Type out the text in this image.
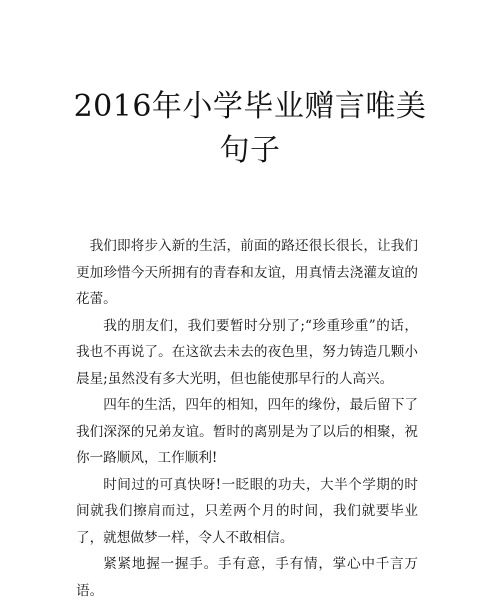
2016年小学毕业赠言唯美句子

我们即将步入新的生活，前面的路还很长很长，让我们更加珍惜今天所拥有的青春和友谊，用真情去浇灌友谊的花蕾。

我的朋友们，我们要暂时分别了;“珍重珍重”的话，我也不再说了。在这欲去未去的夜色里，努力铸造几颗小晨星;虽然没有多大光明，但也能使那早行的人高兴。

四年的生活，四年的相知，四年的缘份，最后留下了我们深深的兄弟友谊。暂时的离别是为了以后的相聚，祝你一路顺风，工作顺利!

时间过的可真快呀!一眨眼的功夫，大半个学期的时间就我们擦肩而过，只差两个月的时间，我们就要毕业了，就想做梦一样，令人不敢相信。

紧紧地握一握手。手有意，手有情，掌心中千言万语。
